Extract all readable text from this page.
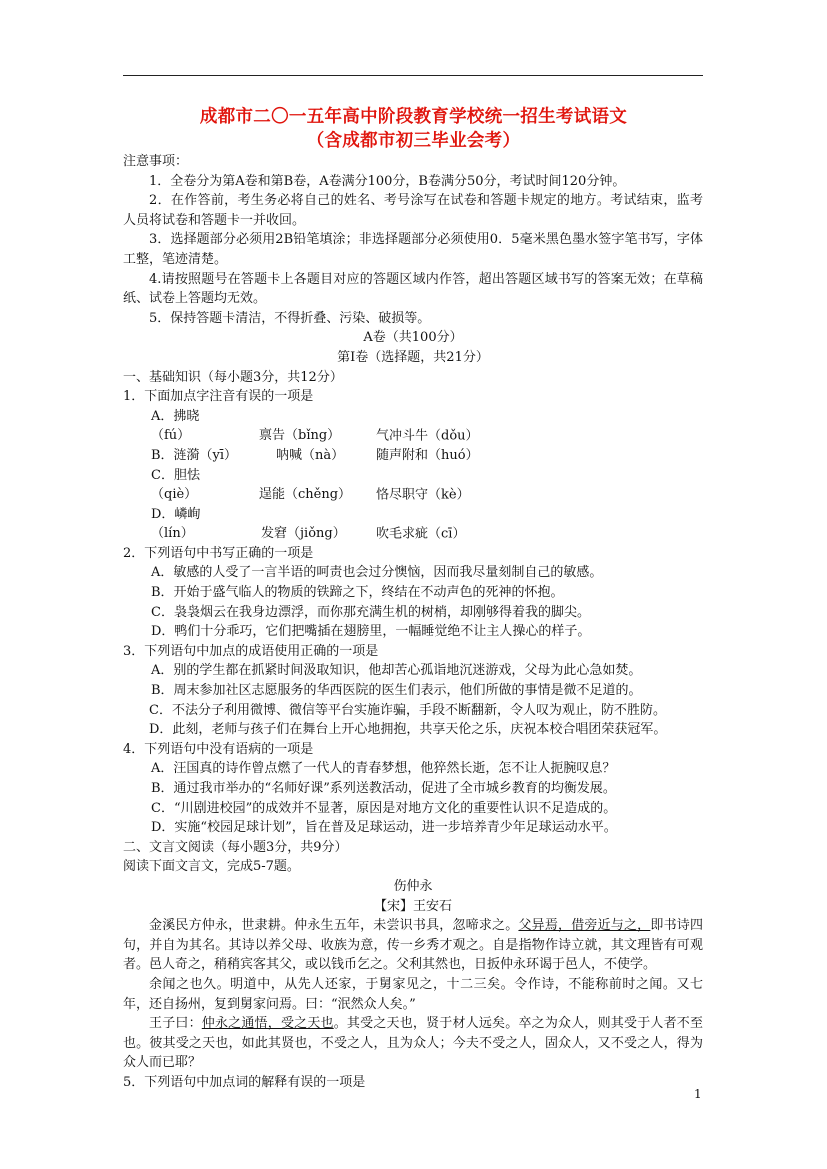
成都市二〇一五年高中阶段教育学校统一招生考试语文
（含成都市初三毕业会考）

注意事项：

1．全卷分为第A卷和第B卷，A卷满分100分，B卷满分50分，考试时间120分钟。

2．在作答前，考生务必将自己的姓名、考号涂写在试卷和答题卡规定的地方。考试结束，监考人员将试卷和答题卡一并收回。

3．选择题部分必须用2B铅笔填涂；非选择题部分必须使用0．5毫米黑色墨水签字笔书写，字体工整，笔迹清楚。

4.请按照题号在答题卡上各题目对应的答题区域内作答，超出答题区域书写的答案无效；在草稿纸、试卷上答题均无效。

5．保持答题卡清洁，不得折叠、污染、破损等。

A卷（共100分）

第Ⅰ卷（选择题，共21分）

一、基础知识（每小题3分，共12分）

1．下面加点字注音有误的一项是

A．拂晓（fú）	禀告（bǐng）	气冲斗牛（dǒu）
B．涟漪（yī）	呐喊（nà） 随声附和（huó）
C．胆怯（qiè）	逞能（chěng） 恪尽职守（kè）
D．嶙峋（lín）	发窘（jiǒng） 吹毛求疵（cī）

2．下列语句中书写正确的一项是

A．敏感的人受了一言半语的呵责也会过分懊恼，因而我尽量刻制自己的敏感。

B．开始于盛气临人的物质的铁蹄之下，终结在不动声色的死神的怀抱。

C．袅袅烟云在我身边漂浮，而你那充满生机的树梢，却刚够得着我的脚尖。

D．鸭们十分乖巧，它们把嘴插在翅膀里，一幅睡觉绝不让主人操心的样子。

3．下列语句中加点的成语使用正确的一项是

A．别的学生都在抓紧时间汲取知识，他却苦心孤诣地沉迷游戏，父母为此心急如焚。

B．周末参加社区志愿服务的华西医院的医生们表示，他们所做的事情是微不足道的。

C．不法分子利用微博、微信等平台实施诈骗，手段不断翻新，令人叹为观止，防不胜防。

D．此刻，老师与孩子们在舞台上开心地拥抱，共享天伦之乐，庆祝本校合唱团荣获冠军。

4．下列语句中没有语病的一项是

A．汪国真的诗作曾点燃了一代人的青春梦想，他猝然长逝，怎不让人扼腕叹息？

B．通过我市举办的“名师好课”系列送教活动，促进了全市城乡教育的均衡发展。

C．“川剧进校园”的成效并不显著，原因是对地方文化的重要性认识不足造成的。

D．实施“校园足球计划”，旨在普及足球运动，进一步培养青少年足球运动水平。

二、文言文阅读（每小题3分，共9分）

阅读下面文言文，完成5-7题。

伤仲永

【宋】王安石

金溪民方仲永，世隶耕。仲永生五年，未尝识书具，忽啼求之。父异焉，借旁近与之，即书诗四句，并自为其名。其诗以养父母、收族为意，传一乡秀才观之。自是指物作诗立就，其文理皆有可观者。邑人奇之，稍稍宾客其父，或以钱币乞之。父利其然也，日扳仲永环谒于邑人，不使学。

余闻之也久。明道中，从先人还家，于舅家见之，十二三矣。令作诗，不能称前时之闻。又七年，还自扬州，复到舅家问焉。曰：“泯然众人矣。”

王子曰：仲永之通悟，受之天也。其受之天也，贤于材人远矣。卒之为众人，则其受于人者不至也。彼其受之天也，如此其贤也，不受之人，且为众人；今夫不受之人，固众人，又不受之人，得为众人而已耶？

5．下列语句中加点词的解释有误的一项是

1
